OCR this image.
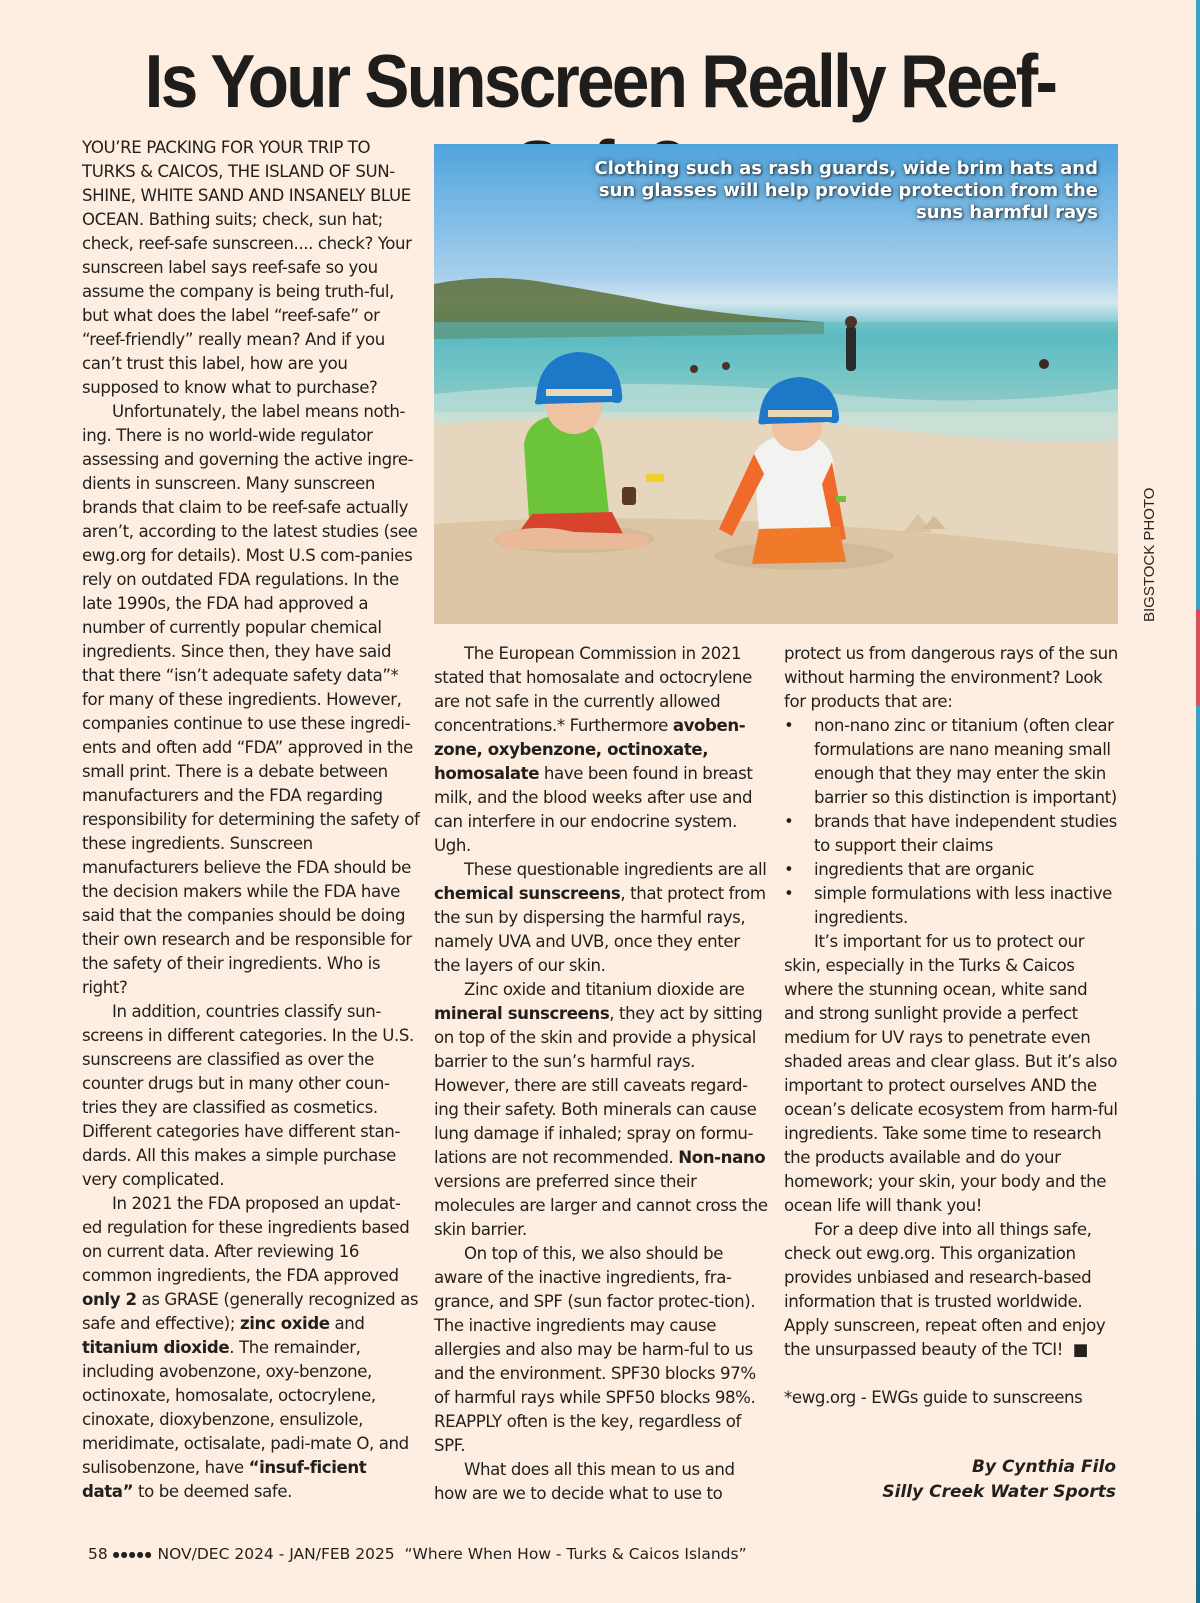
Is Your Sunscreen Really Reef-

YOU’RE PACKING FOR YOUR TRIP TO TURKS & CAICOS, THE ISLAND OF SUN-SHINE, WHITE SAND AND INSANELY BLUE OCEAN. Bathing suits; check, sun hat; check, reef-safe sunscreen.... check? Your sunscreen label says reef-safe so you assume the company is being truth-ful, but what does the label “reef-safe” or “reef-friendly” really mean? And if you can’t trust this label, how are you supposed to know what to purchase?

Unfortunately, the label means noth-ing. There is no world-wide regulator assessing and governing the active ingre-dients in sunscreen. Many sunscreen brands that claim to be reef-safe actually aren’t, according to the latest studies (see ewg.org for details). Most U.S com-panies rely on outdated FDA regulations. In the late 1990s, the FDA had approved a number of currently popular chemical ingredients. Since then, they have said that there “isn’t adequate safety data”* for many of these ingredients. However, companies continue to use these ingredi-ents and often add “FDA” approved in the small print. There is a debate between manufacturers and the FDA regarding responsibility for determining the safety of these ingredients. Sunscreen manufacturers believe the FDA should be the decision makers while the FDA have said that the companies should be doing their own research and be responsible for the safety of their ingredients. Who is right?

In addition, countries classify sun-screens in different categories. In the U.S. sunscreens are classified as over the counter drugs but in many other coun-tries they are classified as cosmetics. Different categories have different stan-dards. All this makes a simple purchase very complicated.

In 2021 the FDA proposed an updat-ed regulation for these ingredients based on current data. After reviewing 16 common ingredients, the FDA approved only 2 as GRASE (generally recognized as safe and effective); zinc oxide and titanium dioxide. The remainder, including avobenzone, oxy-benzone, octinoxate, homosalate, octocrylene, cinoxate, dioxybenzone, ensulizole, meridimate, octisalate, padi-mate O, and sulisobenzone, have “insuf-ficient data” to be deemed safe.

Clothing such as rash guards, wide brim hats and sun glasses will help provide protection from the suns harmful rays
BIGSTOCK PHOTO

The European Commission in 2021 stated that homosalate and octocrylene are not safe in the currently allowed concentrations.* Furthermore avoben-zone, oxybenzone, octinoxate, homosalate have been found in breast milk, and the blood weeks after use and can interfere in our endocrine system. Ugh.

These questionable ingredients are all chemical sunscreens, that protect from the sun by dispersing the harmful rays, namely UVA and UVB, once they enter the layers of our skin.

Zinc oxide and titanium dioxide are mineral sunscreens, they act by sitting on top of the skin and provide a physical barrier to the sun’s harmful rays. However, there are still caveats regard-ing their safety. Both minerals can cause lung damage if inhaled; spray on formu-lations are not recommended. Non-nano versions are preferred since their molecules are larger and cannot cross the skin barrier.

On top of this, we also should be aware of the inactive ingredients, fra-grance, and SPF (sun factor protec-tion). The inactive ingredients may cause allergies and also may be harm-ful to us and the environment. SPF30 blocks 97% of harmful rays while SPF50 blocks 98%. REAPPLY often is the key, regardless of SPF.

What does all this mean to us and how are we to decide what to use to

protect us from dangerous rays of the sun without harming the environment? Look for products that are:

• non-nano zinc or titanium (often clear formulations are nano meaning small enough that they may enter the skin barrier so this distinction is important)
• brands that have independent studies to support their claims
• ingredients that are organic
• simple formulations with less inactive ingredients.

It’s important for us to protect our skin, especially in the Turks & Caicos where the stunning ocean, white sand and strong sunlight provide a perfect medium for UV rays to penetrate even shaded areas and clear glass. But it’s also important to protect ourselves AND the ocean’s delicate ecosystem from harm-ful ingredients. Take some time to research the products available and do your homework; your skin, your body and the ocean life will thank you!

For a deep dive into all things safe, check out ewg.org. This organization provides unbiased and research-based information that is trusted worldwide. Apply sunscreen, repeat often and enjoy the unsurpassed beauty of the TCI! ■

*ewg.org - EWGs guide to sunscreens

By Cynthia Filo
Silly Creek Water Sports
58 ●●●●● NOV/DEC 2024 - JAN/FEB 2025 “Where When How - Turks & Caicos Islands”
